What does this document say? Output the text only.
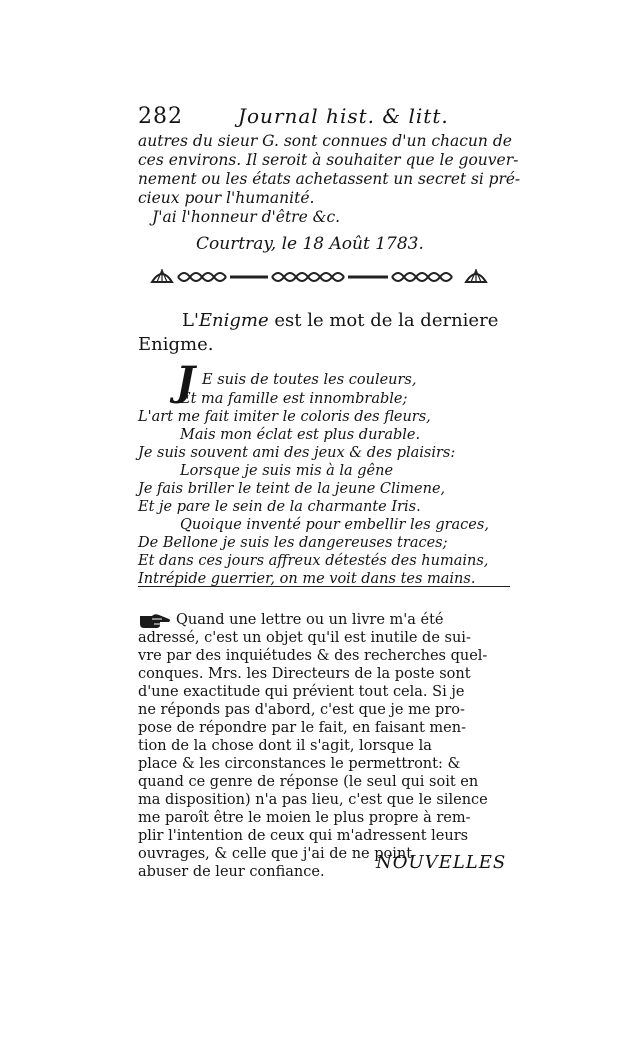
282	Journal hist. & litt.
autres du sieur G. sont connues d'un chacun de
ces environs. Il seroit à souhaiter que le gouver-
nement ou les états achetassent un secret si pré-
cieux pour l'humanité.
J'ai l'honneur d'être &c.
Courtray, le 18 Août 1783.
L'Enigme est le mot de la derniere
Enigme.
J E suis de toutes les couleurs,
Et ma famille est innombrable;
L'art me fait imiter le coloris des fleurs,
Mais mon éclat est plus durable.
Je suis souvent ami des jeux & des plaisirs:
Lorsque je suis mis à la gêne
Je fais briller le teint de la jeune Climene,
Et je pare le sein de la charmante Iris.
Quoique inventé pour embellir les graces,
De Bellone je suis les dangereuses traces;
Et dans ces jours affreux détestés des humains,
Intrépide guerrier, on me voit dans tes mains.
Quand une lettre ou un livre m'a été
adressé, c'est un objet qu'il est inutile de sui-
vre par des inquiétudes & des recherches quel-
conques. Mrs. les Directeurs de la poste sont
d'une exactitude qui prévient tout cela. Si je
ne réponds pas d'abord, c'est que je me pro-
pose de répondre par le fait, en faisant men-
tion de la chose dont il s'agit, lorsque la
place & les circonstances le permettront: &
quand ce genre de réponse (le seul qui soit en
ma disposition) n'a pas lieu, c'est que le silence
me paroît être le moien le plus propre à rem-
plir l'intention de ceux qui m'adressent leurs
ouvrages, & celle que j'ai de ne point
abuser de leur confiance.	NOUVELLES
